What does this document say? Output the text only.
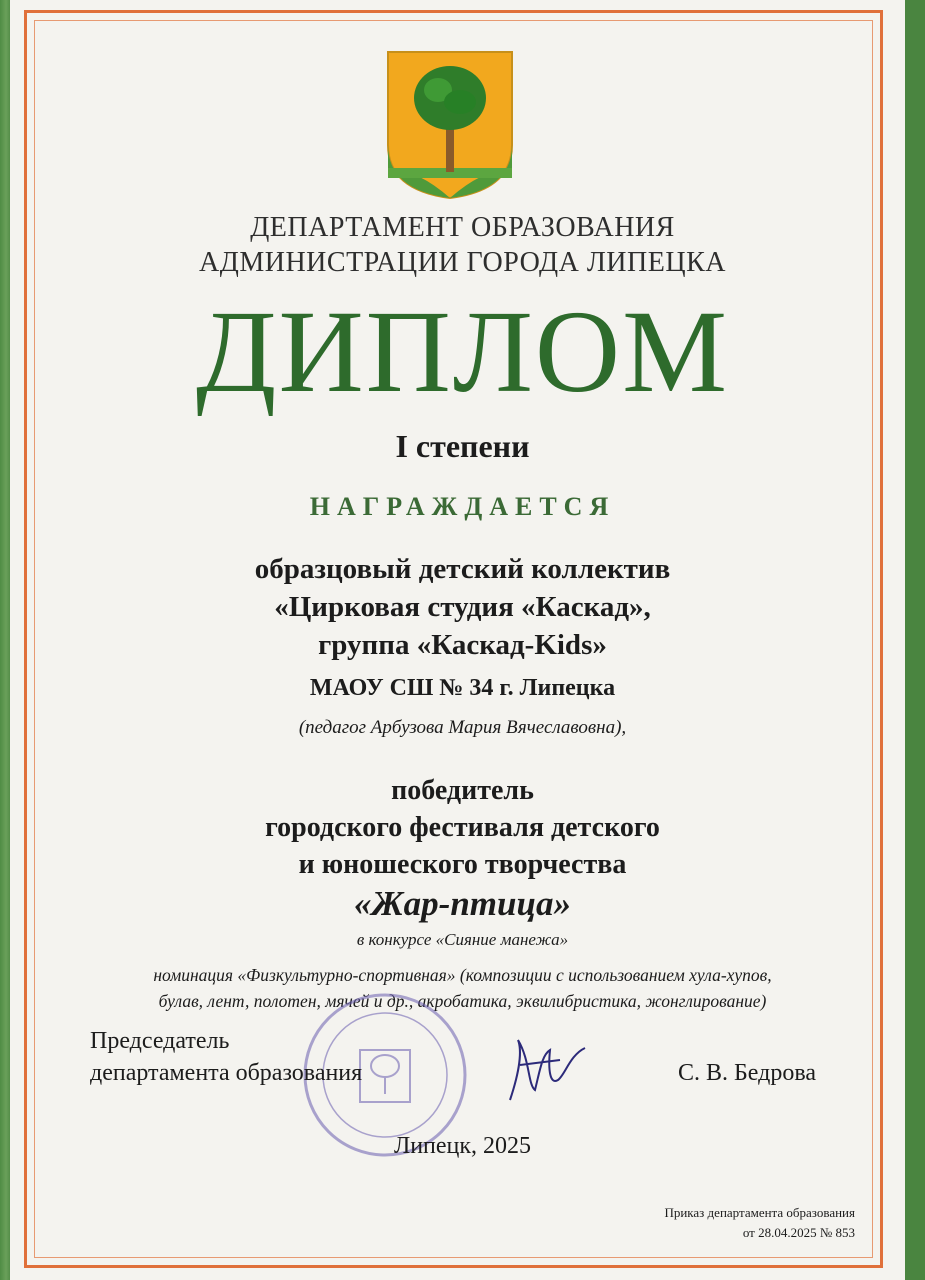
ДЕПАРТАМЕНТ ОБРАЗОВАНИЯ
АДМИНИСТРАЦИИ ГОРОДА ЛИПЕЦКА
ДИПЛОМ
I степени
НАГРАЖДАЕТСЯ
образцовый детский коллектив
«Цирковая студия «Каскад»,
группа «Каскад-Kids»
МАОУ СШ № 34 г. Липецка
(педагог Арбузова Мария Вячеславовна),
победитель
городского фестиваля детского
и юношеского творчества
«Жар-птица»
в конкурсе «Сияние манежа»
номинация «Физкультурно-спортивная» (композиции с использованием хула-хупов,
булав, лент, полотен, мячей и др., акробатика, эквилибристика, жонглирование)
Председатель
департамента образования	С. В. Бедрова
Липецк, 2025
Приказ департамента образования
от 28.04.2025 № 853
